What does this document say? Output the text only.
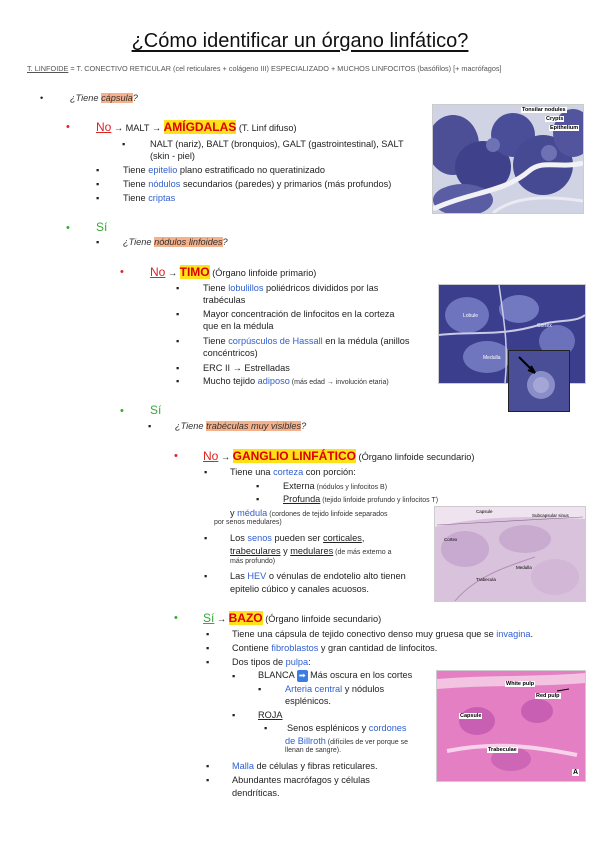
¿Cómo identificar un órgano linfático?
T. LINFOIDE = T. CONECTIVO RETICULAR (cel reticulares + colágeno III) ESPECIALIZADO + MUCHOS LINFOCITOS (basófilos) [+ macrófagos]
•	¿Tiene cápsula?
• No → MALT → AMÍGDALAS (T. Linf difuso)
▪	NALT (nariz), BALT (bronquios), GALT (gastrointestinal), SALT
(skin - piel)
▪	Tiene epitelio plano estratificado no queratinizado
▪	Tiene nódulos secundarios (paredes) y primarios (más profundos)
▪	Tiene criptas
Tonsilar nodules
Crypts
Epithelium
• Sí
▪	¿Tiene nódulos linfoides?
• No → TIMO (Órgano linfoide primario)
▪	Tiene lobulillos poliédricos divididos por las
trabéculas
▪	Mayor concentración de linfocitos en la corteza
que en la médula
▪	Tiene corpúsculos de Hassall en la médula (anillos
concéntricos)
▪	ERC II → Estrelladas
▪	Mucho tejido adiposo (más edad → involución etaria)
Lobule
Cortex
Medulla
• Sí
▪	¿Tiene trabéculas muy visibles?
• No → GANGLIO LINFÁTICO (Órgano linfoide secundario)
▪ Tiene una corteza con porción:
▪	Externa (nódulos y linfocitos B)
▪	Profunda (tejido linfoide profundo y linfocitos T)
y médula (cordones de tejido linfoide separados
por senos medulares)
▪ Los senos pueden ser corticales,
trabeculares y medulares (de más externo a
más profundo)
▪ Las HEV o vénulas de endotelio alto tienen
epitelio cúbico y canales acuosos.
Capsule
Cortex
Medulla
Subcapsular sinus
Trabecula
• Sí → BAZO (Órgano linfoide secundario)
▪ Tiene una cápsula de tejido conectivo denso muy gruesa que se invagina.
▪ Contiene fibroblastos y gran cantidad de linfocitos.
▪ Dos tipos de pulpa:
▪ BLANCA ➡ Más oscura en los cortes
▪	Arteria central y nódulos
esplénicos.
▪ ROJA
▪ Senos esplénicos y cordones
de Billroth (difíciles de ver porque se
llenan de sangre).
▪ Malla de células y fibras reticulares.
▪ Abundantes macrófagos y células
dendríticas.
White pulp
Red pulp
Capsule
Trabeculae
A
